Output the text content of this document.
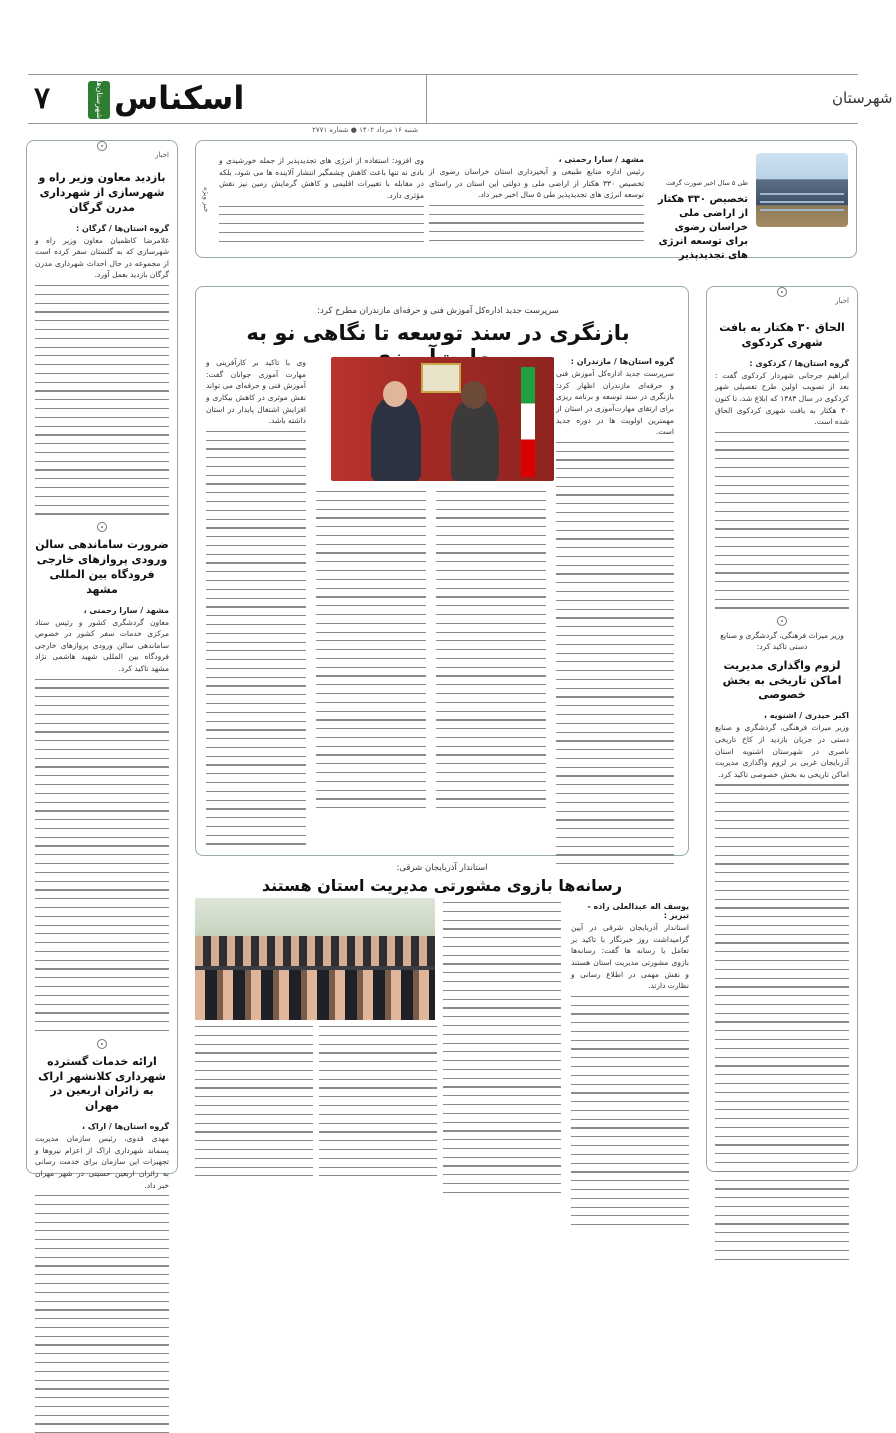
۷	شهرستان‌ها اسکناس	شهرستان
شنبه ۱۶ مرداد ۱۴۰۲ ● شماره ۲۷۷۱
طی ۵ سال اخیر صورت گرفت
تخصیص ۳۳۰ هکتار از اراضی ملی خراسان رضوی برای توسعه انرژی های تجدیدپذیر
مشهد / سارا رحمتی ،
رئیس اداره منابع طبیعی و آبخیزداری استان خراسان رضوی از تخصیص ۳۳۰ هکتار از اراضی ملی و دولتی این استان در راستای توسعه انرژی های تجدیدپذیر طی ۵ سال اخیر خبر داد.
وی افزود: استفاده از انرژی های تجدیدپذیر از جمله خورشیدی و بادی نه تنها باعث کاهش چشمگیر انتشار آلاینده ها می شود، بلکه در مقابله با تغییرات اقلیمی و کاهش گرمایش زمین نیز نقش مؤثری دارد.
خبر ویژه
اخبار
بازدید معاون وزیر راه و شهرسازی از شهرداری مدرن گرگان
گروه استان‌ها / گرگان :
غلامرضا کاظمیان معاون وزیر راه و شهرسازی که به گلستان سفر کرده است از مجموعه در حال احداث شهرداری مدرن گرگان بازدید بعمل آورد.
ضرورت ساماندهی سالن ورودی پروازهای خارجی فرودگاه بین المللی مشهد
مشهد / سارا رحمتی ،
معاون گردشگری کشور و رئیس ستاد مرکزی خدمات سفر کشور در خصوص ساماندهی سالن ورودی پروازهای خارجی فرودگاه بین المللی شهید هاشمی نژاد مشهد تاکید کرد.
ارائه خدمات گسترده شهرداری کلانشهر اراک به زائران اربعین در مهران
گروه استان‌ها / اراک ،
مهدی قدوی، رئیس سازمان مدیریت پسماند شهرداری اراک از اعزام نیروها و تجهیزات این سازمان برای خدمت رسانی به زائران اربعین حسینی در شهر مهران خبر داد.
اخبار
الحاق ۳۰ هکتار به بافت شهری کردکوی
گروه استان‌ها / کردکوی :
ابراهیم جرجانی شهردار کردکوی گفت : بعد از تصویب اولین طرح تفصیلی شهر کردکوی در سال ۱۳۸۳ که ابلاغ شد، تا کنون ۳۰ هکتار به بافت شهری کردکوی الحاق شده است.
وزیر میراث فرهنگی، گردشگری و صنایع دستی تاکید کرد:
لزوم واگذاری مدیریت اماکن تاریخی به بخش خصوصی
اکبر حیدری / اشنویه ،
وزیر میراث فرهنگی، گردشگری و صنایع دستی در جریان بازدید از کاخ تاریخی ناصری در شهرستان اشنویه استان آذربایجان غربی بر لزوم واگذاری مدیریت اماکن تاریخی به بخش خصوصی تاکید کرد.
سرپرست جدید اداره‌کل آموزش فنی و حرفه‌ای مازندران مطرح کرد:
بازنگری در سند توسعه تا نگاهی نو به
گروه استان‌ها / مازندران :
سرپرست جدید اداره‌کل آموزش فنی و حرفه‌ای مازندران اظهار کرد: بازنگری در سند توسعه و برنامه ریزی برای ارتقای مهارت‌آموزی در استان از مهمترین اولویت ها در دوره جدید است.
وی با تاکید بر کارآفرینی و مهارت آموزی جوانان گفت: آموزش فنی و حرفه‌ای می تواند نقش موثری در کاهش بیکاری و افزایش اشتغال پایدار در استان داشته باشد.
استاندار آذربایجان شرقی:
رسانه‌ها بازوی مشورتی مدیریت استان هستند
یوسف اله عبدالعلی زاده - تبریز :
استاندار آذربایجان شرقی در آیین گرامیداشت روز خبرنگار با تاکید بر تعامل با رسانه ها گفت: رسانه‌ها بازوی مشورتی مدیریت استان هستند و نقش مهمی در اطلاع رسانی و نظارت دارند.
